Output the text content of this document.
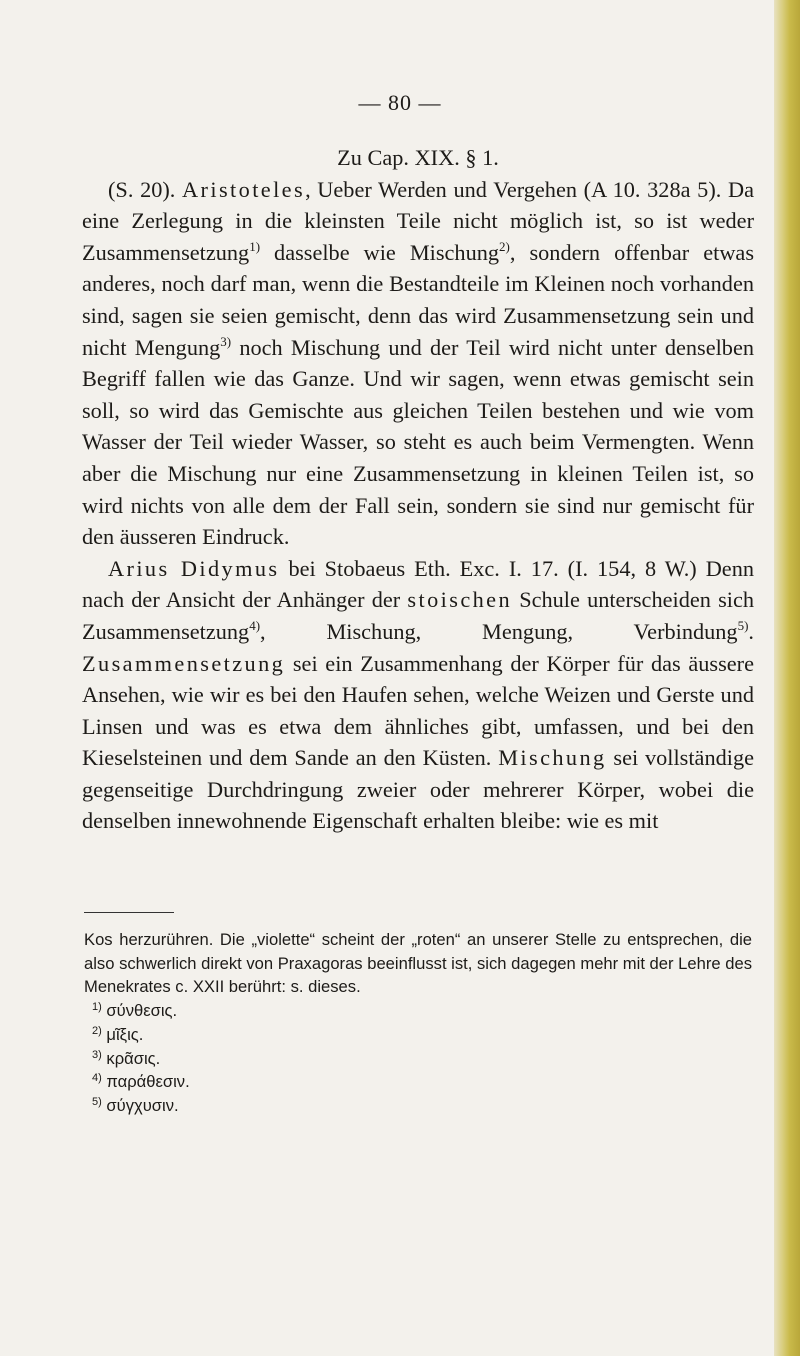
— 80 —
Zu Cap. XIX. § 1.

(S. 20). Aristoteles, Ueber Werden und Vergehen (A 10. 328a 5). Da eine Zerlegung in die kleinsten Teile nicht möglich ist, so ist weder Zusammensetzung$^{1)}$ dasselbe wie Mischung$^{2)}$, sondern offenbar etwas anderes, noch darf man, wenn die Bestandteile im Kleinen noch vorhanden sind, sagen sie seien gemischt, denn das wird Zusammensetzung sein und nicht Mengung$^{3)}$ noch Mischung und der Teil wird nicht unter denselben Begriff fallen wie das Ganze. Und wir sagen, wenn etwas gemischt sein soll, so wird das Gemischte aus gleichen Teilen bestehen und wie vom Wasser der Teil wieder Wasser, so steht es auch beim Vermengten. Wenn aber die Mischung nur eine Zusammensetzung in kleinen Teilen ist, so wird nichts von alle dem der Fall sein, sondern sie sind nur gemischt für den äusseren Eindruck.

Arius Didymus bei Stobaeus Eth. Exc. I. 17. (I. 154, 8 W.) Denn nach der Ansicht der Anhänger der stoischen Schule unterscheiden sich Zusammensetzung$^{4)}$, Mischung, Mengung, Verbindung$^{5)}$. Zusammensetzung sei ein Zusammenhang der Körper für das äussere Ansehen, wie wir es bei den Haufen sehen, welche Weizen und Gerste und Linsen und was es etwa dem ähnliches gibt, umfassen, und bei den Kieselsteinen und dem Sande an den Küsten. Mischung sei vollständige gegenseitige Durchdringung zweier oder mehrerer Körper, wobei die denselben innewohnende Eigenschaft erhalten bleibe: wie es mit

Kos herzurühren. Die „violette“ scheint der „roten“ an unserer Stelle zu entsprechen, die also schwerlich direkt von Praxagoras beeinflusst ist, sich dagegen mehr mit der Lehre des Menekrates c. XXII berührt: s. dieses.

$^{1)}$ σύνθεσις.

$^{2)}$ μῖξις.

$^{3)}$ κρᾶσις.

$^{4)}$ παράθεσιν.

$^{5)}$ σύγχυσιν.
